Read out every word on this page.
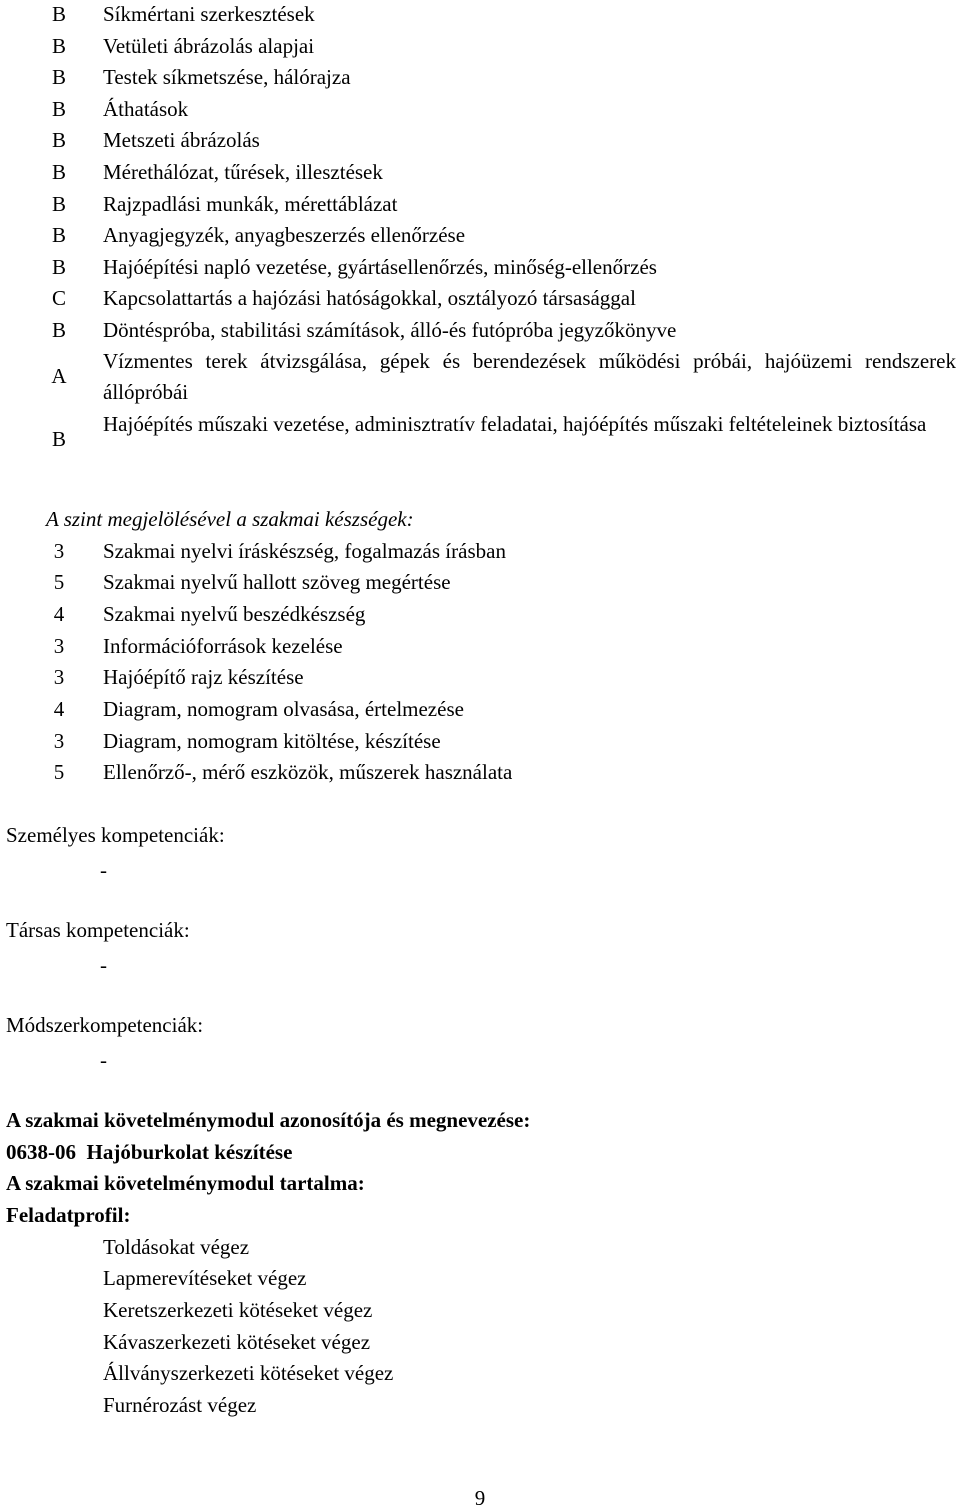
B Síkmértani szerkesztések
B Vetületi ábrázolás alapjai
B Testek síkmetszése, hálórajza
B Áthatások
B Metszeti ábrázolás
B Mérethálózat, tűrések, illesztések
B Rajzpadlási munkák, mérettáblázat
B Anyagjegyzék, anyagbeszerzés ellenőrzése
B Hajóépítési napló vezetése, gyártásellenőrzés, minőség-ellenőrzés
C Kapcsolattartás a hajózási hatóságokkal, osztályozó társasággal
B Döntéspróba, stabilitási számítások, álló-és futópróba jegyzőkönyve
A
Vízmentes terek átvizsgálása, gépek és berendezések működési próbái, hajóüzemi rendszerek állópróbái
B
Hajóépítés műszaki vezetése, adminisztratív feladatai, hajóépítés műszaki feltételeinek biztosítása
A szint megjelölésével a szakmai készségek:
3 Szakmai nyelvi íráskészség, fogalmazás írásban
5 Szakmai nyelvű hallott szöveg megértése
4 Szakmai nyelvű beszédkészség
3 Információforrások kezelése
3 Hajóépítő rajz készítése
4 Diagram, nomogram olvasása, értelmezése
3 Diagram, nomogram kitöltése, készítése
5 Ellenőrző-, mérő eszközök, műszerek használata
Személyes kompetenciák:
-
Társas kompetenciák:
-
Módszerkompetenciák:
-
A szakmai követelménymodul azonosítója és megnevezése:
0638-06  Hajóburkolat készítése
A szakmai követelménymodul tartalma:
Feladatprofil:
Toldásokat végez
Lapmerevítéseket végez
Keretszerkezeti kötéseket végez
Kávaszerkezeti kötéseket végez
Állványszerkezeti kötéseket végez
Furnérozást végez
9
